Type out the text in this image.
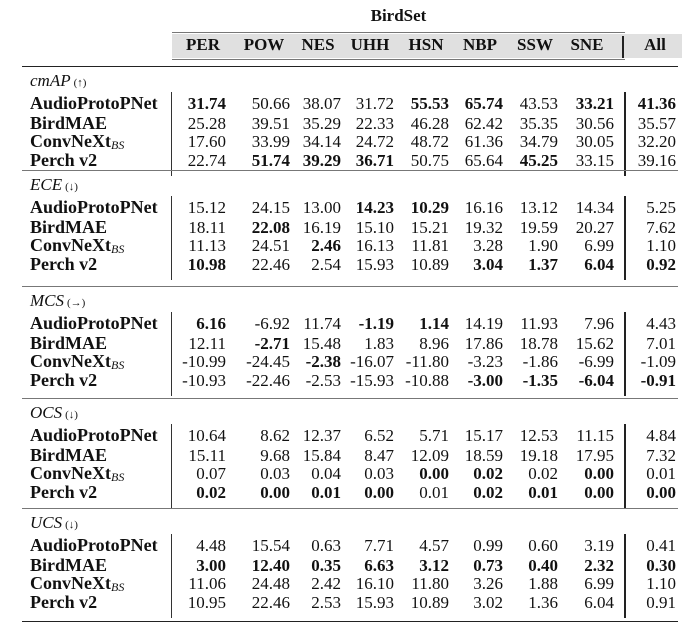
BirdSet
PER	POW	NES UHH	HSN	NBP	SSW	SNE	All
cmAP (↑)
AudioProtoPNet	31.74	50.66 38.07 31.72 55.53 65.74 43.53	33.21	41.36
BirdMAE	25.28	39.51 35.29 22.33 46.28 62.42 35.35	30.56	35.57
ConvNeXt$_{BS}$	17.60	33.99 34.14 24.72 48.72 61.36 34.79	30.05	32.20
Perch v2	22.74	51.74 39.29 36.71 50.75 65.64 45.25	33.15	39.16
ECE (↓)
AudioProtoPNet	15.12	24.15 13.00 14.23 10.29 16.16 13.12	14.34	5.25
BirdMAE	18.11	22.08 16.19 15.10 15.21 19.32 19.59	20.27	7.62
ConvNeXt$_{BS}$	11.13	24.51	2.46 16.13	11.81	3.28	1.90	6.99	1.10
Perch v2	10.98	22.46	2.54 15.93 10.89	3.04	1.37	6.04	0.92
MCS (→)
AudioProtoPNet	6.16	-6.92 11.74	-1.19	1.14 14.19	11.93	7.96	4.43
BirdMAE	12.11	-2.71 15.48	1.83	8.96 17.86 18.78	15.62	7.01
ConvNeXt$_{BS}$	-10.99	-24.45 -2.38 -16.07 -11.80	-3.23	-1.86	-6.99	-1.09
Perch v2	-10.93	-22.46 -2.53 -15.93 -10.88	-3.00	-1.35	-6.04	-0.91
OCS (↓)
AudioProtoPNet	10.64	8.62 12.37	6.52	5.71 15.17 12.53	11.15	4.84
BirdMAE	15.11	9.68 15.84	8.47 12.09 18.59 19.18	17.95	7.32
ConvNeXt$_{BS}$	0.07	0.03	0.04	0.03	0.00	0.02	0.02	0.00	0.01
Perch v2	0.02	0.00	0.01	0.00	0.01	0.02	0.01	0.00	0.00
UCS (↓)
AudioProtoPNet	4.48	15.54	0.63	7.71	4.57	0.99	0.60	3.19	0.41
BirdMAE	3.00	12.40	0.35	6.63	3.12	0.73	0.40	2.32	0.30
ConvNeXt$_{BS}$	11.06	24.48	2.42 16.10	11.80	3.26	1.88	6.99	1.10
Perch v2	10.95	22.46	2.53 15.93 10.89	3.02	1.36	6.04	0.91
